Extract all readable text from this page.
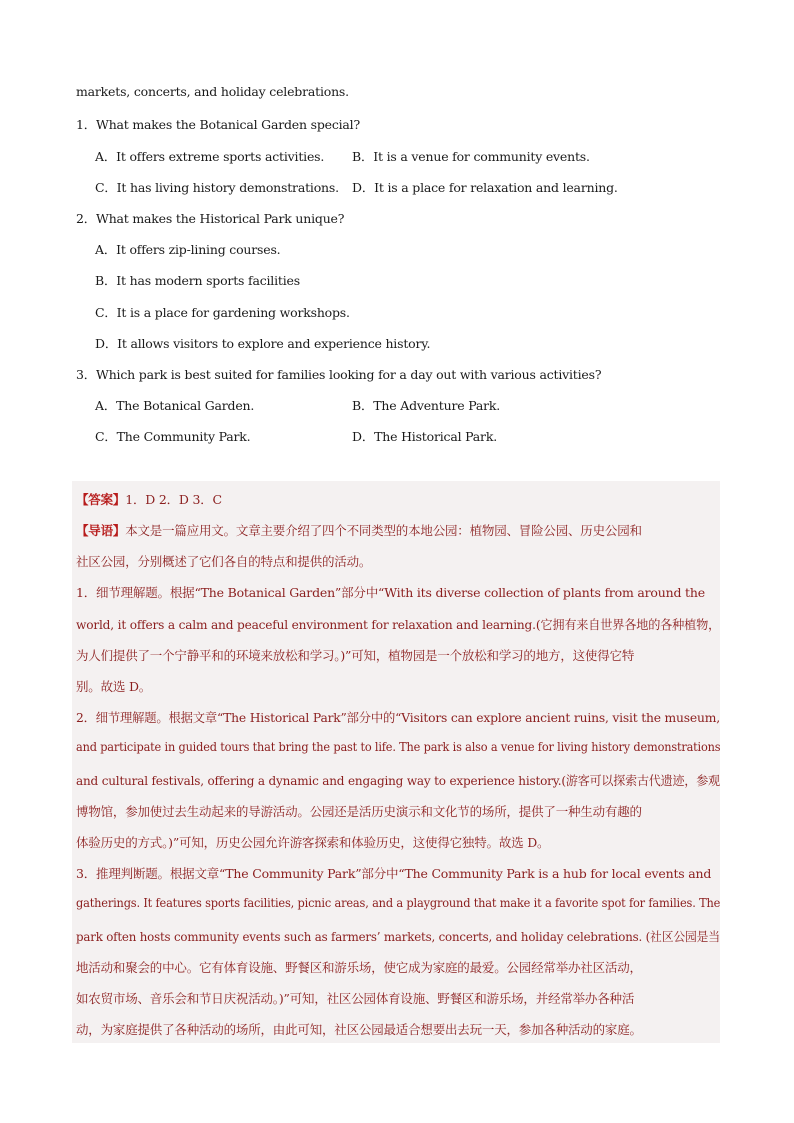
markets, concerts, and holiday celebrations.
1．What makes the Botanical Garden special?
A．It offers extreme sports activities. B．It is a venue for community events.
C．It has living history demonstrations. D．It is a place for relaxation and learning.
2．What makes the Historical Park unique?
A．It offers zip-lining courses.
B．It has modern sports facilities
C．It is a place for gardening workshops.
D．It allows visitors to explore and experience history.
3．Which park is best suited for families looking for a day out with various activities?
A．The Botanical Garden.	B．The Adventure Park.
C．The Community Park.	D．The Historical Park.
【答案】1．D 2．D 3．C
【导语】本文是一篇应用文。文章主要介绍了四个不同类型的本地公园：植物园、冒险公园、历史公园和
社区公园，分别概述了它们各自的特点和提供的活动。
1．细节理解题。根据“The Botanical Garden”部分中“With its diverse collection of plants from around the
world, it offers a calm and peaceful environment for relaxation and learning.(它拥有来自世界各地的各种植物，
为人们提供了一个宁静平和的环境来放松和学习。)”可知，植物园是一个放松和学习的地方，这使得它特
别。故选 D。
2．细节理解题。根据文章“The Historical Park”部分中的“Visitors can explore ancient ruins, visit the museum,
and participate in guided tours that bring the past to life. The park is also a venue for living history demonstrations
and cultural festivals, offering a dynamic and engaging way to experience history.(游客可以探索古代遗迹，参观
博物馆，参加使过去生动起来的导游活动。公园还是活历史演示和文化节的场所，提供了一种生动有趣的
体验历史的方式。)”可知，历史公园允许游客探索和体验历史，这使得它独特。故选 D。
3．推理判断题。根据文章“The Community Park”部分中“The Community Park is a hub for local events and
gatherings. It features sports facilities, picnic areas, and a playground that make it a favorite spot for families. The
park often hosts community events such as farmers’ markets, concerts, and holiday celebrations. (社区公园是当
地活动和聚会的中心。它有体育设施、野餐区和游乐场，使它成为家庭的最爱。公园经常举办社区活动，
如农贸市场、音乐会和节日庆祝活动。)”可知，社区公园体育设施、野餐区和游乐场，并经常举办各种活
动，为家庭提供了各种活动的场所，由此可知，社区公园最适合想要出去玩一天，参加各种活动的家庭。
